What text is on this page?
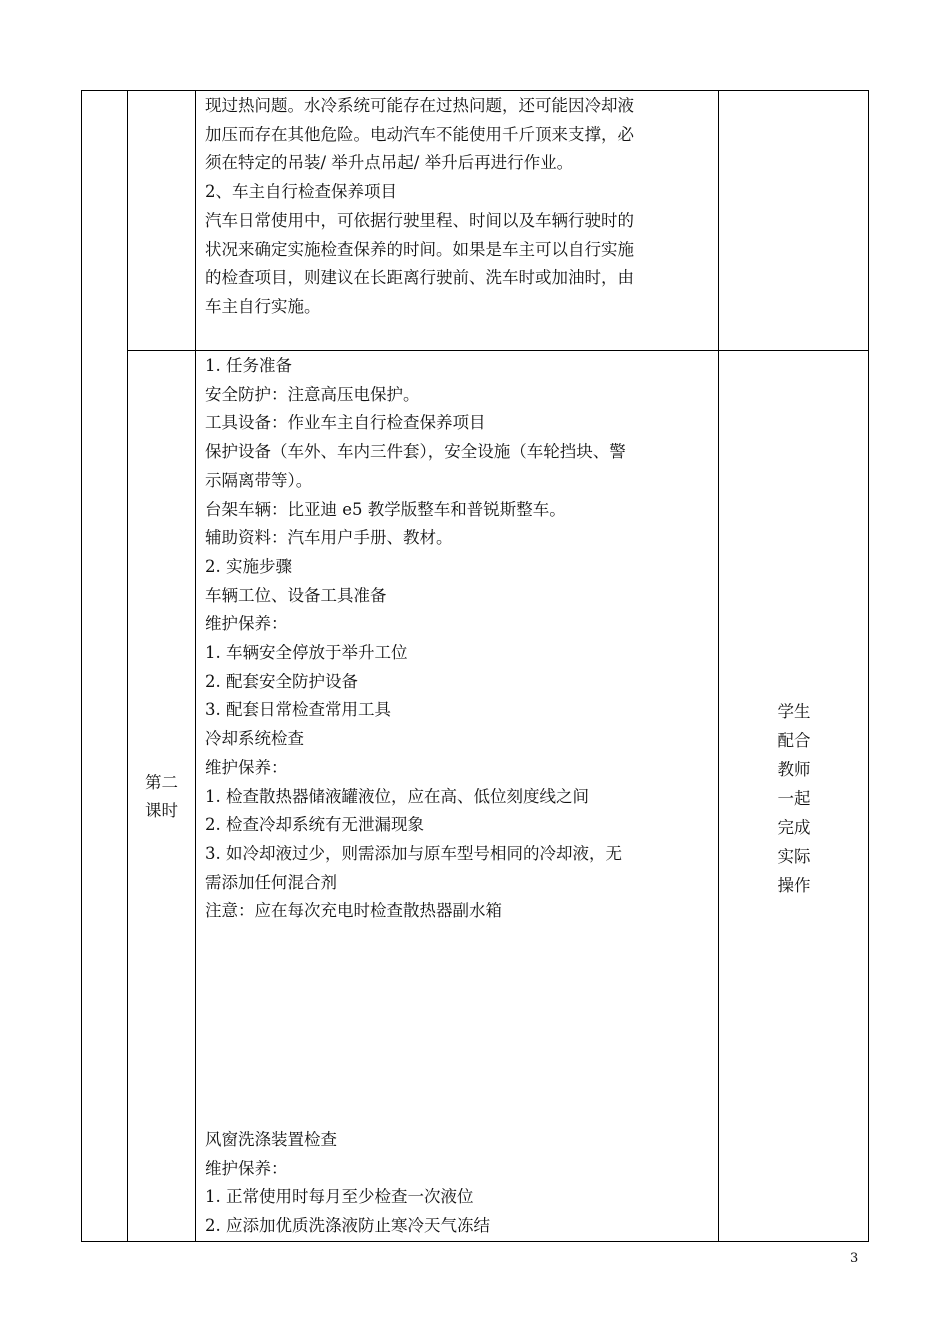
现过热问题。水冷系统可能存在过热问题，还可能因冷却液
加压而存在其他危险。电动汽车不能使用千斤顶来支撑，必
须在特定的吊装/ 举升点吊起/ 举升后再进行作业。
2、车主自行检查保养项目
汽车日常使用中，可依据行驶里程、时间以及车辆行驶时的
状况来确定实施检查保养的时间。如果是车主可以自行实施
的检查项目，则建议在长距离行驶前、洗车时或加油时，由
车主自行实施。
第二
课时
1. 任务准备
安全防护：注意高压电保护。
工具设备：作业车主自行检查保养项目
保护设备（车外、车内三件套），安全设施（车轮挡块、警
示隔离带等）。
台架车辆：比亚迪 e5 教学版整车和普锐斯整车。
辅助资料：汽车用户手册、教材。
2. 实施步骤
车辆工位、设备工具准备
维护保养：
1. 车辆安全停放于举升工位
2. 配套安全防护设备
3. 配套日常检查常用工具
冷却系统检查
维护保养：
1. 检查散热器储液罐液位，应在高、低位刻度线之间
2. 检查冷却系统有无泄漏现象
3. 如冷却液过少，则需添加与原车型号相同的冷却液，无
需添加任何混合剂
注意：应在每次充电时检查散热器副水箱
风窗洗涤装置检查
维护保养：
1. 正常使用时每月至少检查一次液位
2. 应添加优质洗涤液防止寒冷天气冻结
学生
配合
教师
一起
完成
实际
操作
3
